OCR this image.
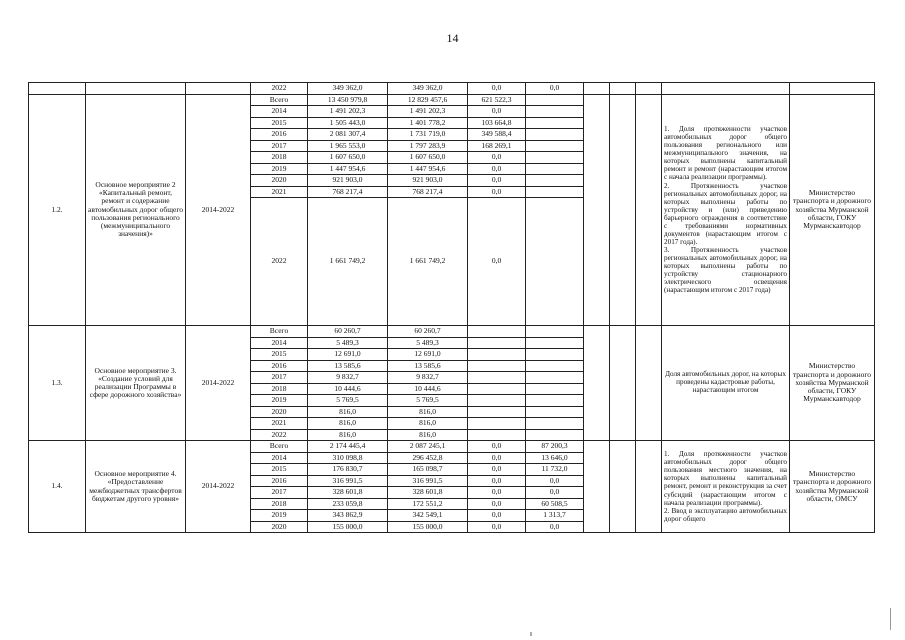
14
			2022	349 362,0	349 362,0	0,0	0,0					
1.2.	Основное мероприятие 2 «Капитальный ремонт, ремонт и содержание автомобильных дорог общего пользования регионального (межмуниципального значения)»	2014-2022	Всего	13 450 979,8	12 829 457,6	621 522,3					1. Доля протяженности участков автомобильных дорог общего пользования регионального или межмуниципального значения, на которых выполнены капитальный ремонт и ремонт (нарастающим итогом с начала реализации программы).
2. Протяженность участков региональных автомобильных дорог, на которых выполнены работы по устройству и (или) приведению барьерного ограждения в соответствие с требованиями нормативных документов (нарастающим итогом с 2017 года).
3. Протяженность участков региональных автомобильных дорог, на которых выполнены работы по устройству стационарного электрического освещения (нарастающим итогом с 2017 года)	Министерство транспорта и дорожного хозяйства Мурманской области, ГОКУ Мурманскавтодор
			2014	1 491 202,3	1 491 202,3	0,0						
			2015	1 505 443,0	1 401 778,2	103 664,8						
			2016	2 081 307,4	1 731 719,0	349 588,4						
			2017	1 965 553,0	1 797 283,9	168 269,1						
			2018	1 607 650,0	1 607 650,0	0,0						
			2019	1 447 954,6	1 447 954,6	0,0						
			2020	921 903,0	921 903,0	0,0						
			2021	768 217,4	768 217,4	0,0						
			2022	1 661 749,2	1 661 749,2	0,0						
1.3.	Основное мероприятие 3. «Создание условий для реализации Программы в сфере дорожного хозяйства»	2014-2022	Всего	60 260,7	60 260,7						Доля автомобильных дорог, на которых проведены кадастровые работы, нарастающим итогом	Министерство транспорта и дорожного хозяйства Мурманской области, ГОКУ Мурманскавтодор
			2014	5 489,3	5 489,3							
			2015	12 691,0	12 691,0							
			2016	13 585,6	13 585,6							
			2017	9 832,7	9 832,7							
			2018	10 444,6	10 444,6							
			2019	5 769,5	5 769,5							
			2020	816,0	816,0							
			2021	816,0	816,0							
			2022	816,0	816,0							
1.4.	Основное мероприятие 4. «Предоставление межбюджетных трансфертов бюджетам другого уровня»	2014-2022	Всего	2 174 445,4	2 087 245,1	0,0	87 200,3				1. Доля протяженности участков автомобильных дорог общего пользования местного значения, на которых выполнены капитальный ремонт, ремонт и реконструкция за счет субсидий (нарастающим итогом с начала реализации программы).
2. Ввод в эксплуатацию автомобильных дорог общего	Министерство транспорта и дорожного хозяйства Мурманской области, ОМСУ
			2014	310 098,8	296 452,8	0,0	13 646,0					
			2015	176 830,7	165 098,7	0,0	11 732,0					
			2016	316 991,5	316 991,5	0,0	0,0					
			2017	328 601,8	328 601,8	0,0	0,0					
			2018	233 059,8	172 551,2	0,0	60 508,5					
			2019	343 862,9	342 549,1	0,0	1 313,7					
			2020	155 000,0	155 000,0	0,0	0,0					
